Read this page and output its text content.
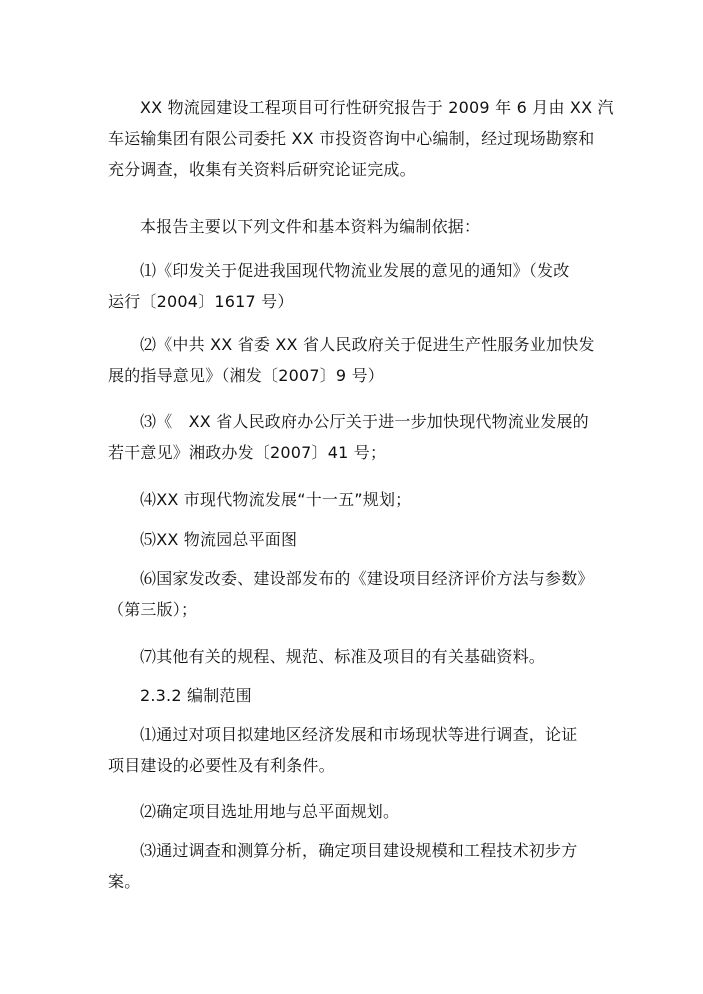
XX 物流园建设工程项目可行性研究报告于 2009 年 6 月由 XX 汽
车运输集团有限公司委托 XX 市投资咨询中心编制，经过现场勘察和
充分调查，收集有关资料后研究论证完成。
本报告主要以下列文件和基本资料为编制依据：
⑴《印发关于促进我国现代物流业发展的意见的通知》（发改
运行〔2004〕1617 号）
⑵《中共 XX 省委 XX 省人民政府关于促进生产性服务业加快发
展的指导意见》（湘发〔2007〕9 号）
⑶《　XX 省人民政府办公厅关于进一步加快现代物流业发展的
若干意见》湘政办发〔2007〕41 号；
⑷XX 市现代物流发展“十一五”规划；
⑸XX 物流园总平面图
⑹国家发改委、建设部发布的《建设项目经济评价方法与参数》
（第三版）；
⑺其他有关的规程、规范、标准及项目的有关基础资料。
2.3.2 编制范围
⑴通过对项目拟建地区经济发展和市场现状等进行调查，论证
项目建设的必要性及有利条件。
⑵确定项目选址用地与总平面规划。
⑶通过调查和测算分析，确定项目建设规模和工程技术初步方
案。
